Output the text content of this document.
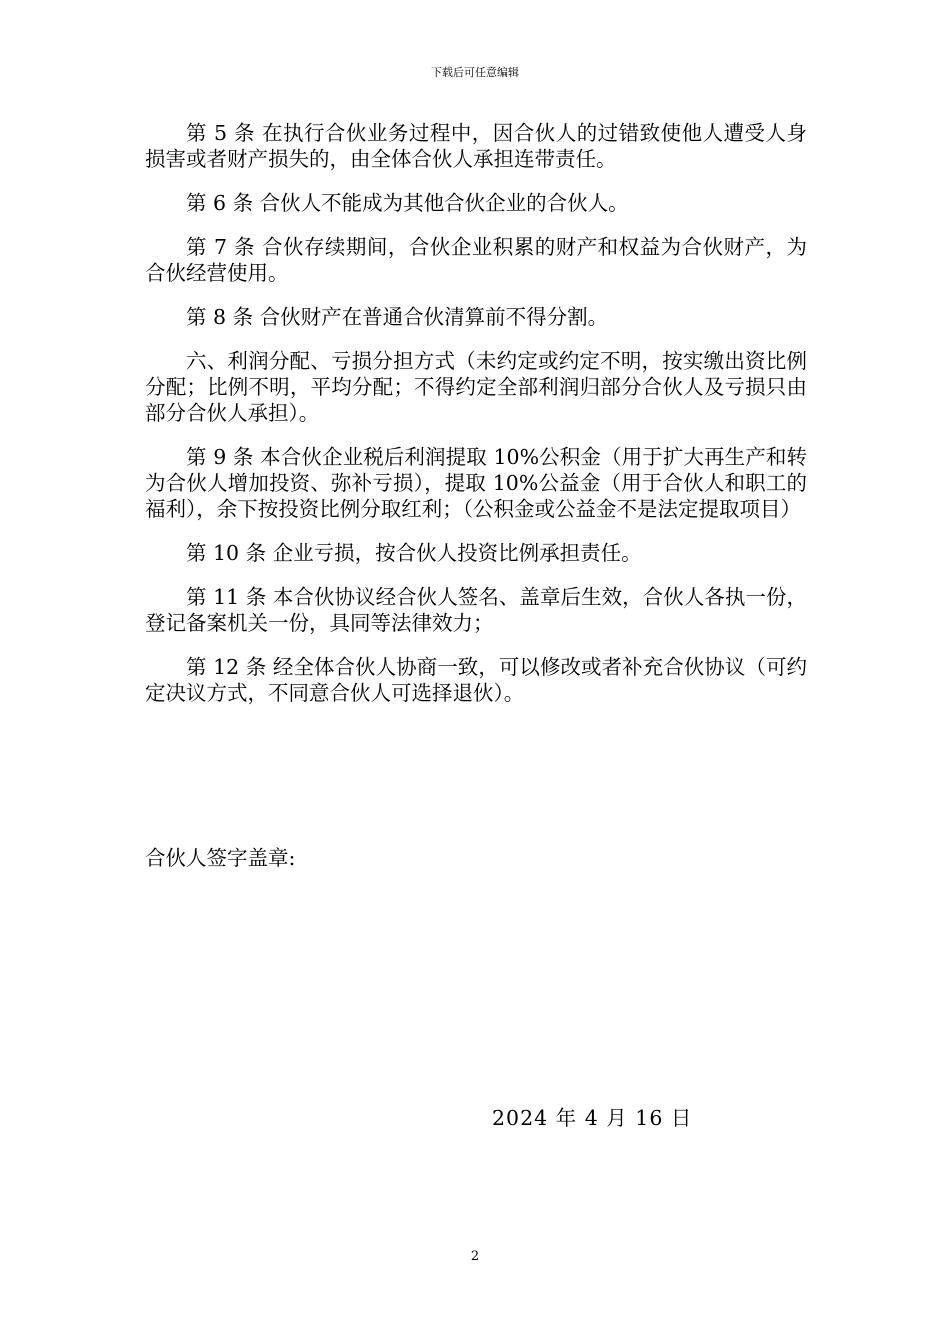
下载后可任意编辑

第 5 条 在执行合伙业务过程中，因合伙人的过错致使他人遭受人身损害或者财产损失的，由全体合伙人承担连带责任。

第 6 条 合伙人不能成为其他合伙企业的合伙人。

第 7 条 合伙存续期间，合伙企业积累的财产和权益为合伙财产，为合伙经营使用。

第 8 条 合伙财产在普通合伙清算前不得分割。

六、利润分配、亏损分担方式（未约定或约定不明，按实缴出资比例分配；比例不明，平均分配；不得约定全部利润归部分合伙人及亏损只由部分合伙人承担）。

第 9 条 本合伙企业税后利润提取 10%公积金（用于扩大再生产和转为合伙人增加投资、弥补亏损），提取 10%公益金（用于合伙人和职工的福利），余下按投资比例分取红利；（公积金或公益金不是法定提取项目）

第 10 条 企业亏损，按合伙人投资比例承担责任。

第 11 条 本合伙协议经合伙人签名、盖章后生效，合伙人各执一份，登记备案机关一份，具同等法律效力；

第 12 条 经全体合伙人协商一致，可以修改或者补充合伙协议（可约定决议方式，不同意合伙人可选择退伙）。

合伙人签字盖章:
2024 年 4 月 16 日
2
